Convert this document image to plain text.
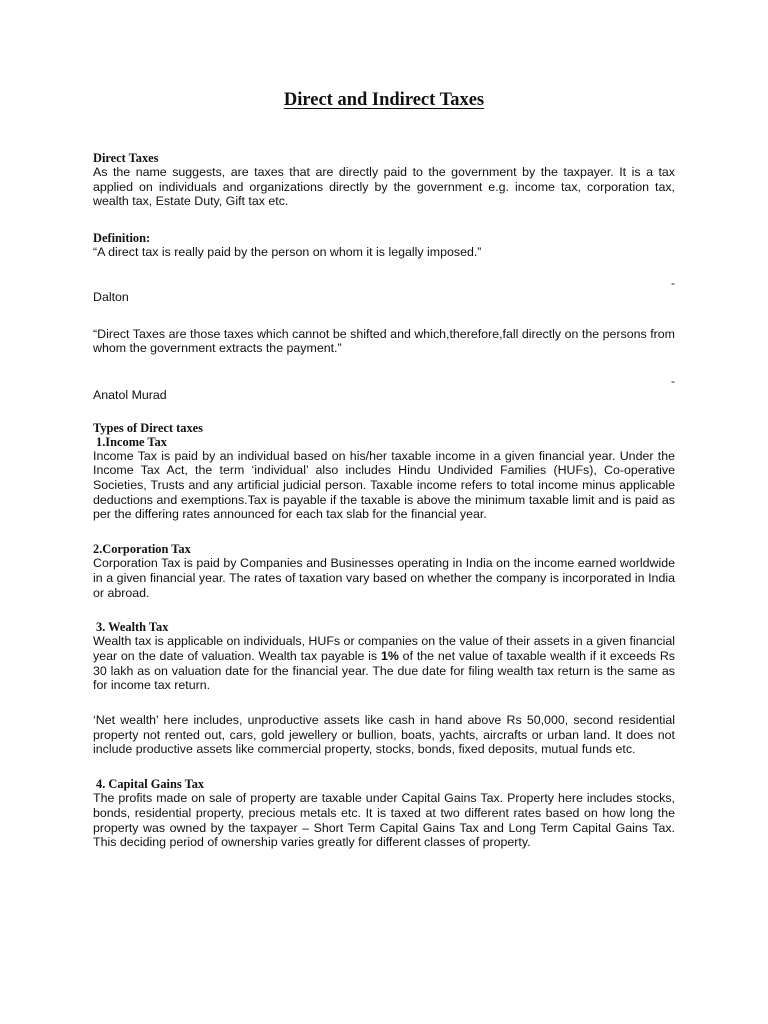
Direct and Indirect Taxes
Direct Taxes
As the name suggests, are taxes that are directly paid to the government by the taxpayer. It is a tax applied on individuals and organizations directly by the government e.g. income tax, corporation tax, wealth tax, Estate Duty, Gift tax etc.
Definition:
“A direct tax is really paid by the person on whom it is legally imposed.”
-
Dalton
“Direct Taxes are those taxes which cannot be shifted and which,therefore,fall directly on the persons from whom the government extracts the payment.”
-
Anatol Murad
Types of Direct taxes
1.Income Tax
Income Tax is paid by an individual based on his/her taxable income in a given financial year. Under the Income Tax Act, the term ‘individual’ also includes Hindu Undivided Families (HUFs), Co-operative Societies, Trusts and any artificial judicial person. Taxable income refers to total income minus applicable deductions and exemptions.Tax is payable if the taxable is above the minimum taxable limit and is paid as per the differing rates announced for each tax slab for the financial year.
2.Corporation Tax
Corporation Tax is paid by Companies and Businesses operating in India on the income earned worldwide in a given financial year. The rates of taxation vary based on whether the company is incorporated in India or abroad.
3. Wealth Tax
Wealth tax is applicable on individuals, HUFs or companies on the value of their assets in a given financial year on the date of valuation. Wealth tax payable is 1% of the net value of taxable wealth if it exceeds Rs 30 lakh as on valuation date for the financial year. The due date for filing wealth tax return is the same as for income tax return.
‘Net wealth’ here includes, unproductive assets like cash in hand above Rs 50,000, second residential property not rented out, cars, gold jewellery or bullion, boats, yachts, aircrafts or urban land. It does not include productive assets like commercial property, stocks, bonds, fixed deposits, mutual funds etc.
4. Capital Gains Tax
The profits made on sale of property are taxable under Capital Gains Tax. Property here includes stocks, bonds, residential property, precious metals etc. It is taxed at two different rates based on how long the property was owned by the taxpayer – Short Term Capital Gains Tax and Long Term Capital Gains Tax. This deciding period of ownership varies greatly for different classes of property.
